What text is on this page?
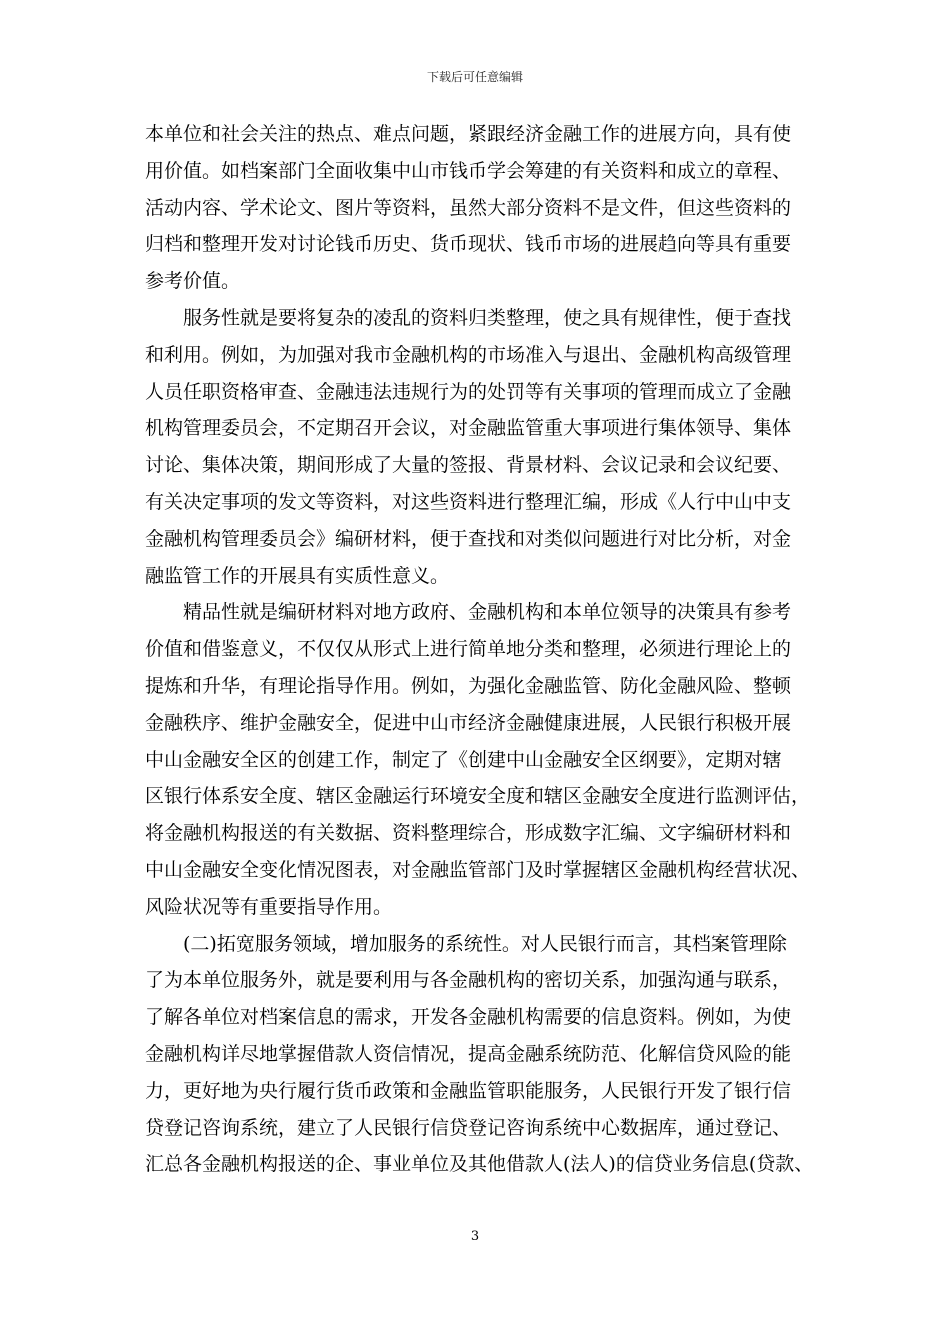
下载后可任意编辑

本单位和社会关注的热点、难点问题，紧跟经济金融工作的进展方向，具有使
用价值。如档案部门全面收集中山市钱币学会筹建的有关资料和成立的章程、
活动内容、学术论文、图片等资料，虽然大部分资料不是文件，但这些资料的
归档和整理开发对讨论钱币历史、货币现状、钱币市场的进展趋向等具有重要
参考价值。

服务性就是要将复杂的凌乱的资料归类整理，使之具有规律性，便于查找
和利用。例如，为加强对我市金融机构的市场准入与退出、金融机构高级管理
人员任职资格审查、金融违法违规行为的处罚等有关事项的管理而成立了金融
机构管理委员会，不定期召开会议，对金融监管重大事项进行集体领导、集体
讨论、集体决策，期间形成了大量的签报、背景材料、会议记录和会议纪要、
有关决定事项的发文等资料，对这些资料进行整理汇编，形成《人行中山中支
金融机构管理委员会》编研材料，便于查找和对类似问题进行对比分析，对金
融监管工作的开展具有实质性意义。

精品性就是编研材料对地方政府、金融机构和本单位领导的决策具有参考
价值和借鉴意义，不仅仅从形式上进行简单地分类和整理，必须进行理论上的
提炼和升华，有理论指导作用。例如，为强化金融监管、防化金融风险、整顿
金融秩序、维护金融安全，促进中山市经济金融健康进展，人民银行积极开展
中山金融安全区的创建工作，制定了《创建中山金融安全区纲要》，定期对辖
区银行体系安全度、辖区金融运行环境安全度和辖区金融安全度进行监测评估，
将金融机构报送的有关数据、资料整理综合，形成数字汇编、文字编研材料和
中山金融安全变化情况图表，对金融监管部门及时掌握辖区金融机构经营状况、
风险状况等有重要指导作用。

(二)拓宽服务领域，增加服务的系统性。对人民银行而言，其档案管理除
了为本单位服务外，就是要利用与各金融机构的密切关系，加强沟通与联系，
了解各单位对档案信息的需求，开发各金融机构需要的信息资料。例如，为使
金融机构详尽地掌握借款人资信情况，提高金融系统防范、化解信贷风险的能
力，更好地为央行履行货币政策和金融监管职能服务，人民银行开发了银行信
贷登记咨询系统，建立了人民银行信贷登记咨询系统中心数据库，通过登记、
汇总各金融机构报送的企、事业单位及其他借款人(法人)的信贷业务信息(贷款、

3
